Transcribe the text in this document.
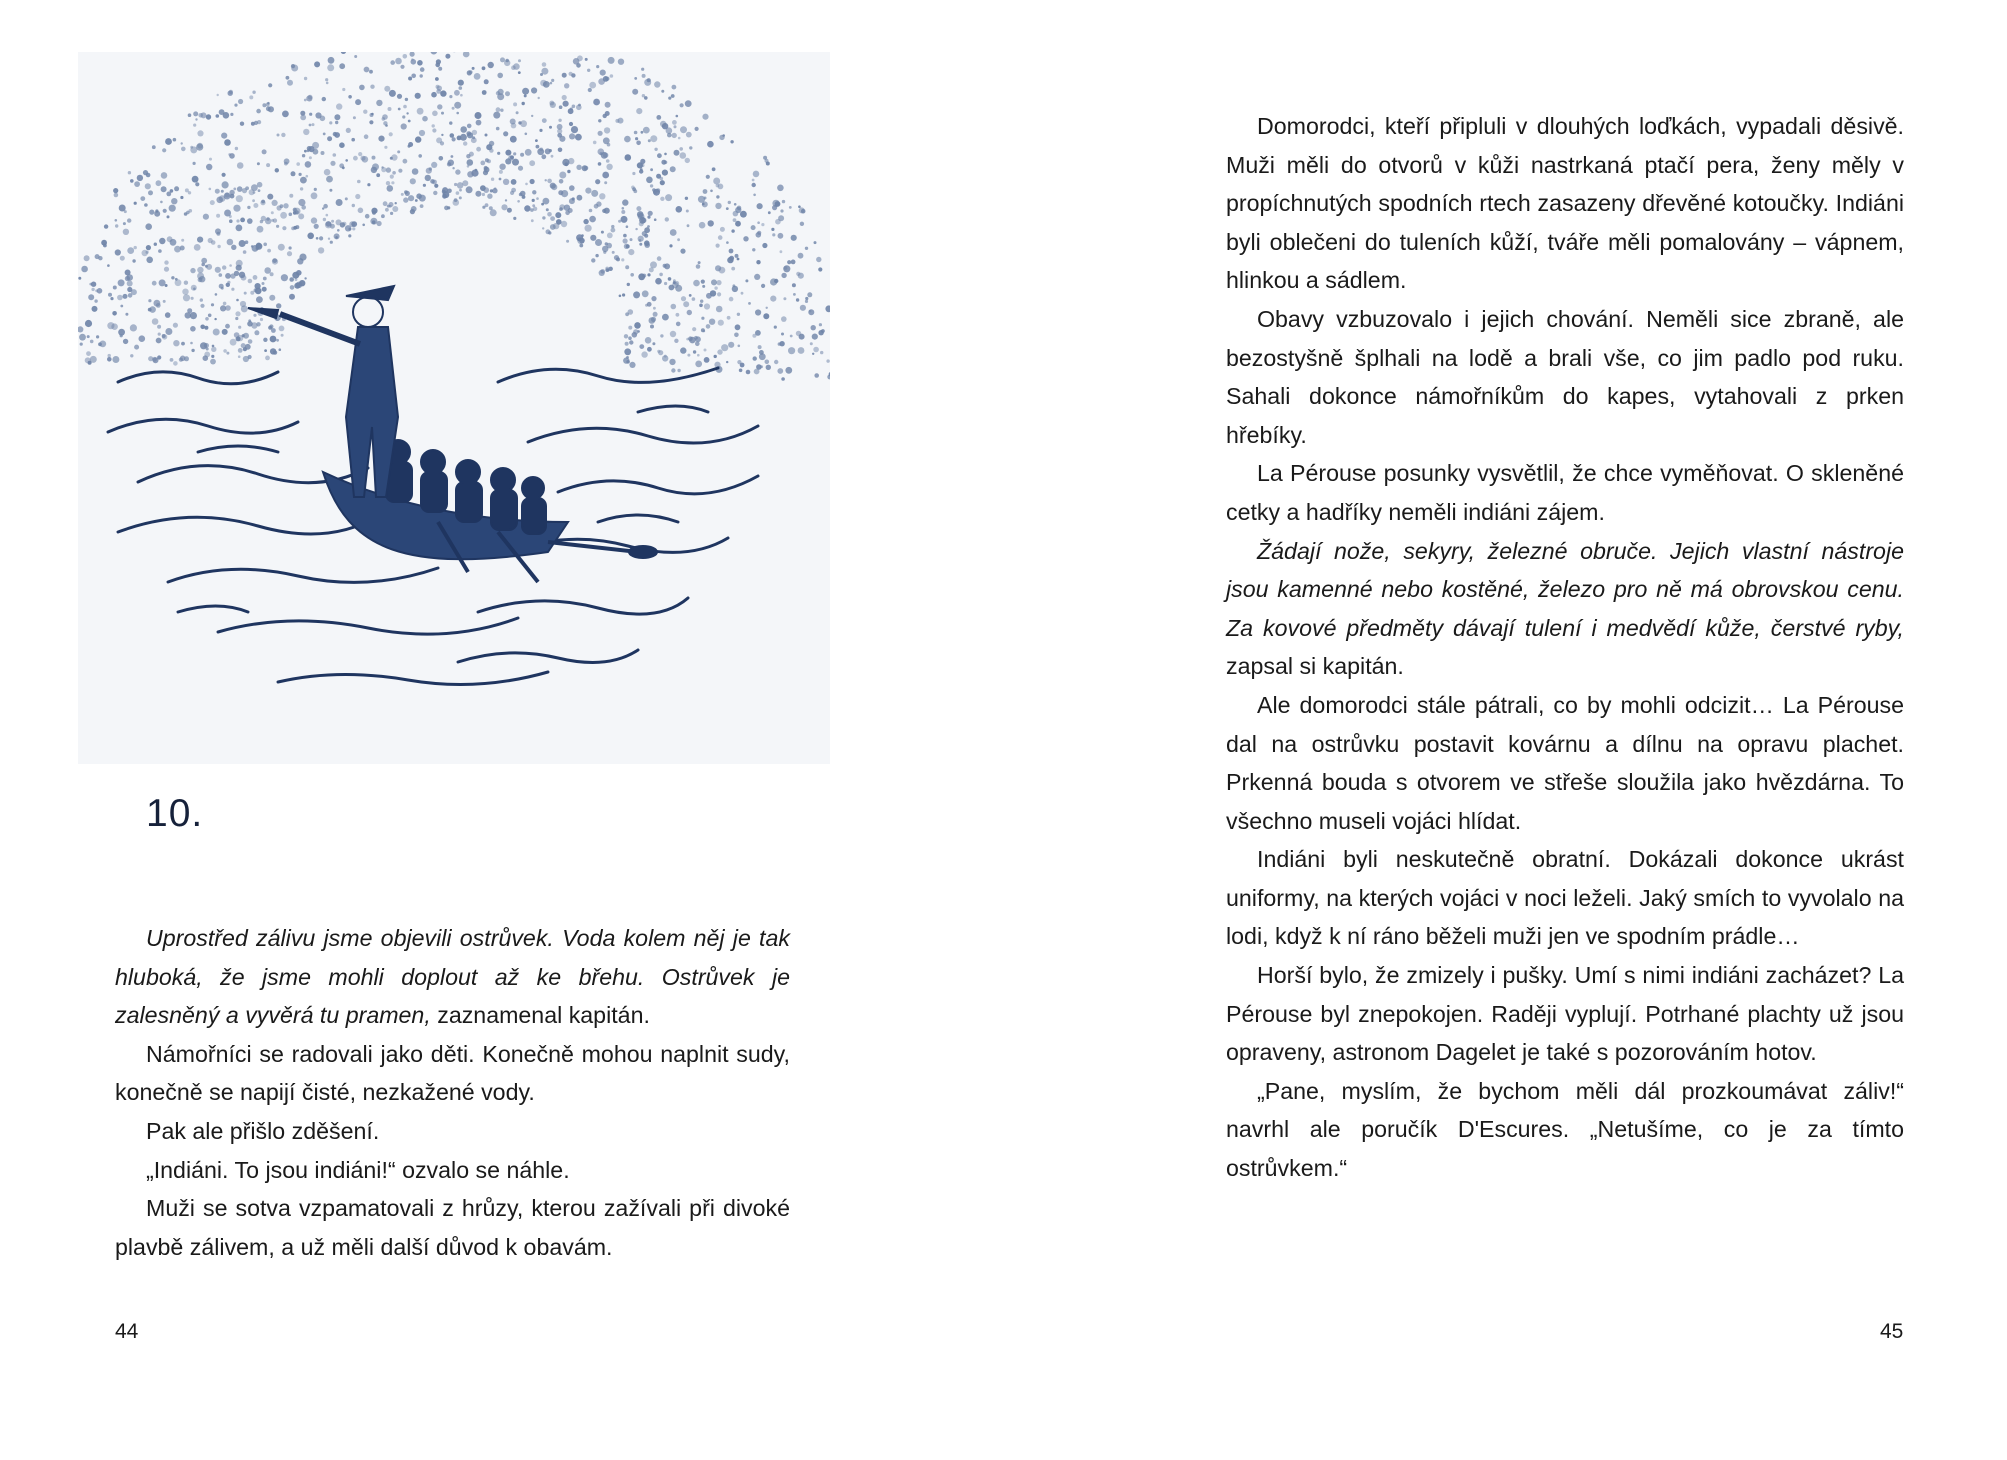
10.

Uprostřed zálivu jsme objevili ostrůvek. Voda kolem něj je tak hluboká, že jsme mohli doplout až ke břehu. Ostrůvek je zalesněný a vyvěrá tu pramen, zaznamenal kapitán.

Námořníci se radovali jako děti. Konečně mohou naplnit sudy, konečně se napijí čisté, nezkažené vody.

Pak ale přišlo zděšení.

„Indiáni. To jsou indiáni!“ ozvalo se náhle.

Muži se sotva vzpamatovali z hrůzy, kterou zažívali při divoké plavbě zálivem, a už měli další důvod k obavám.

44

Domorodci, kteří připluli v dlouhých loďkách, vypadali děsivě. Muži měli do otvorů v kůži nastrkaná ptačí pera, ženy měly v propíchnutých spodních rtech zasazeny dřevěné kotoučky. Indiáni byli oblečeni do tuleních kůží, tváře měli pomalovány – vápnem, hlinkou a sádlem.

Obavy vzbuzovalo i jejich chování. Neměli sice zbraně, ale bezostyšně šplhali na lodě a brali vše, co jim padlo pod ruku. Sahali dokonce námořníkům do kapes, vytahovali z prken hřebíky.

La Pérouse posunky vysvětlil, že chce vyměňovat. O skleněné cetky a hadříky neměli indiáni zájem.

Žádají nože, sekyry, železné obruče. Jejich vlastní nástroje jsou kamenné nebo kostěné, železo pro ně má obrovskou cenu. Za kovové předměty dávají tulení i medvědí kůže, čerstvé ryby, zapsal si kapitán.

Ale domorodci stále pátrali, co by mohli odcizit… La Pérouse dal na ostrůvku postavit kovárnu a dílnu na opravu plachet. Prkenná bouda s otvorem ve střeše sloužila jako hvězdárna. To všechno museli vojáci hlídat.

Indiáni byli neskutečně obratní. Dokázali dokonce ukrást uniformy, na kterých vojáci v noci leželi. Jaký smích to vyvolalo na lodi, když k ní ráno běželi muži jen ve spodním prádle…

Horší bylo, že zmizely i pušky. Umí s nimi indiáni zacházet? La Pérouse byl znepokojen. Raději vyplují. Potrhané plachty už jsou opraveny, astronom Dagelet je také s pozorováním hotov.

„Pane, myslím, že bychom měli dál prozkoumávat záliv!“ navrhl ale poručík D'Escures. „Netušíme, co je za tímto ostrůvkem.“

45
